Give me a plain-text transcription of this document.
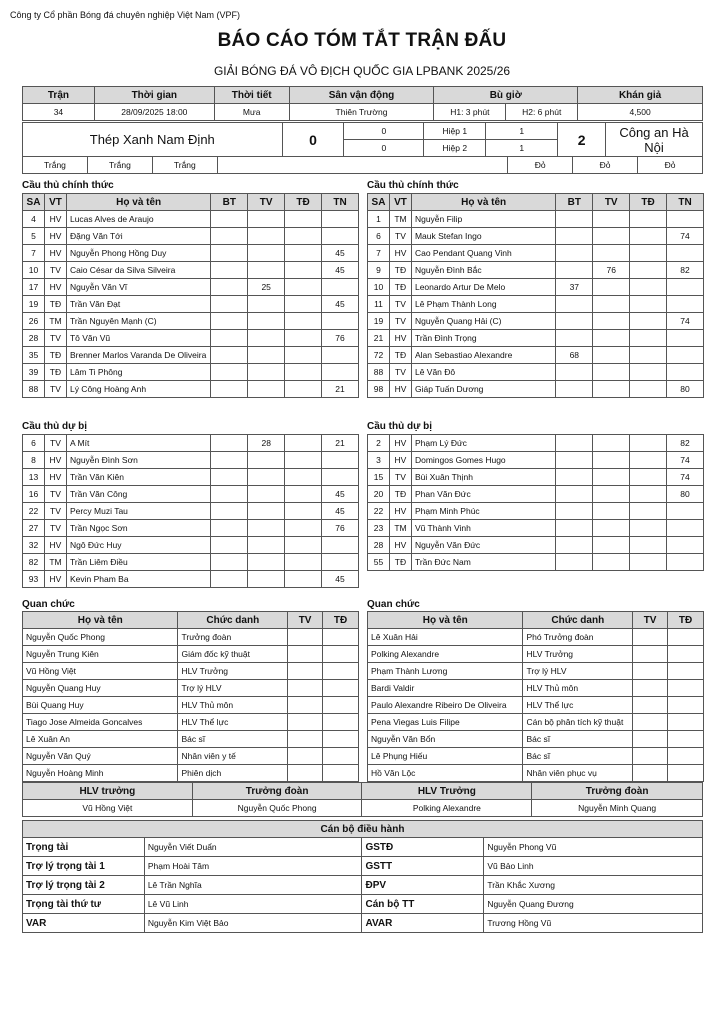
Công ty Cổ phần Bóng đá chuyên nghiệp Việt Nam (VPF)
BÁO CÁO TÓM TẮT TRẬN ĐẤU
GIẢI BÓNG ĐÁ VÔ ĐỊCH QUỐC GIA LPBANK 2025/26
Trận	Thời gian	Thời tiết	Sân vận động	Bù giờ		Khán giả
34	28/09/2025 18:00	Mưa	Thiên Trường	H1: 3 phút	H2: 6 phút	4,500
Thép Xanh Nam Định	0	0	Hiệp 1	1	2	Công an Hà Nội
		0	Hiệp 2	1		
Trắng	Trắng	Trắng		Đỏ	Đỏ	Đỏ
Cầu thủ chính thức	Cầu thủ chính thức
SA	VT	Họ và tên	BT	TV	TĐ	TN
4	HV	Lucas Alves de Araujo				
5	HV	Đặng Văn Tới				
7	HV	Nguyễn Phong Hồng Duy				45
10	TV	Caio César da Silva Silveira				45
17	HV	Nguyễn Văn Vĩ		25		
19	TĐ	Trần Văn Đạt				45
26	TM	Trần Nguyên Mạnh (C)				
28	TV	Tô Văn Vũ				76
35	TĐ	Brenner Marlos Varanda De Oliveira				
39	TĐ	Lâm Ti Phông				
88	TV	Lý Công Hoàng Anh				21
SA	VT	Họ và tên	BT	TV	TĐ	TN
1	TM	Nguyễn Filip				
6	TV	Mauk Stefan Ingo				74
7	HV	Cao Pendant Quang Vinh				
9	TĐ	Nguyễn Đình Bắc		76		82
10	TĐ	Leonardo Artur De Melo	37			
11	TV	Lê Phạm Thành Long				
19	TV	Nguyễn Quang Hải (C)				74
21	HV	Trần Đình Trọng				
72	TĐ	Alan Sebastiao Alexandre	68			
88	TV	Lê Văn Đô				
98	HV	Giáp Tuấn Dương				80
Cầu thủ dự bị	Cầu thủ dự bị
6	TV	A Mít		28		21
8	HV	Nguyễn Đình Sơn				
13	HV	Trần Văn Kiên				
16	TV	Trần Văn Công				45
22	TV	Percy Muzi Tau				45
27	TV	Trần Ngọc Sơn				76
32	HV	Ngô Đức Huy				
82	TM	Trần Liêm Điều				
93	HV	Kevin Pham Ba				45
2	HV	Phạm Lý Đức				82
3	HV	Domingos Gomes Hugo				74
15	TV	Bùi Xuân Thịnh				74
20	TĐ	Phan Văn Đức				80
22	HV	Phạm Minh Phúc				
23	TM	Vũ Thành Vinh				
28	HV	Nguyễn Văn Đức				
55	TĐ	Trần Đức Nam				
Quan chức	Quan chức
Họ và tên	Chức danh	TV	TĐ
Nguyễn Quốc Phong	Trưởng đoàn		
Nguyễn Trung Kiên	Giám đốc kỹ thuật		
Vũ Hồng Việt	HLV Trưởng		
Nguyễn Quang Huy	Trợ lý HLV		
Bùi Quang Huy	HLV Thủ môn		
Tiago Jose Almeida Goncalves	HLV Thể lực		
Lê Xuân An	Bác sĩ		
Nguyễn Văn Quý	Nhân viên y tế		
Nguyễn Hoàng Minh	Phiên dịch		
Họ và tên	Chức danh	TV	TĐ
Lê Xuân Hải	Phó Trưởng đoàn		
Polking Alexandre	HLV Trưởng		
Phạm Thành Lương	Trợ lý HLV		
Bardi Valdir	HLV Thủ môn		
Paulo Alexandre Ribeiro De Oliveira	HLV Thể lực		
Pena Viegas Luis Filipe	Cán bộ phân tích kỹ thuật		
Nguyễn Văn Bổn	Bác sĩ		
Lê Phụng Hiếu	Bác sĩ		
Hồ Văn Lộc	Nhân viên phục vụ		
HLV trưởng	Trưởng đoàn	HLV Trưởng	Trưởng đoàn
Vũ Hồng Việt	Nguyễn Quốc Phong	Polking Alexandre	Nguyễn Minh Quang
Cán bộ điều hành			
Trọng tài	Nguyễn Viết Duẩn	GSTĐ	Nguyễn Phong Vũ
Trợ lý trọng tài 1	Phạm Hoài Tâm	GSTT	Vũ Bảo Linh
Trợ lý trọng tài 2	Lê Trần Nghĩa	ĐPV	Trần Khắc Xương
Trọng tài thứ tư	Lê Vũ Linh	Cán bộ TT	Nguyễn Quang Đương
VAR	Nguyễn Kim Việt Bảo	AVAR	Trương Hồng Vũ
